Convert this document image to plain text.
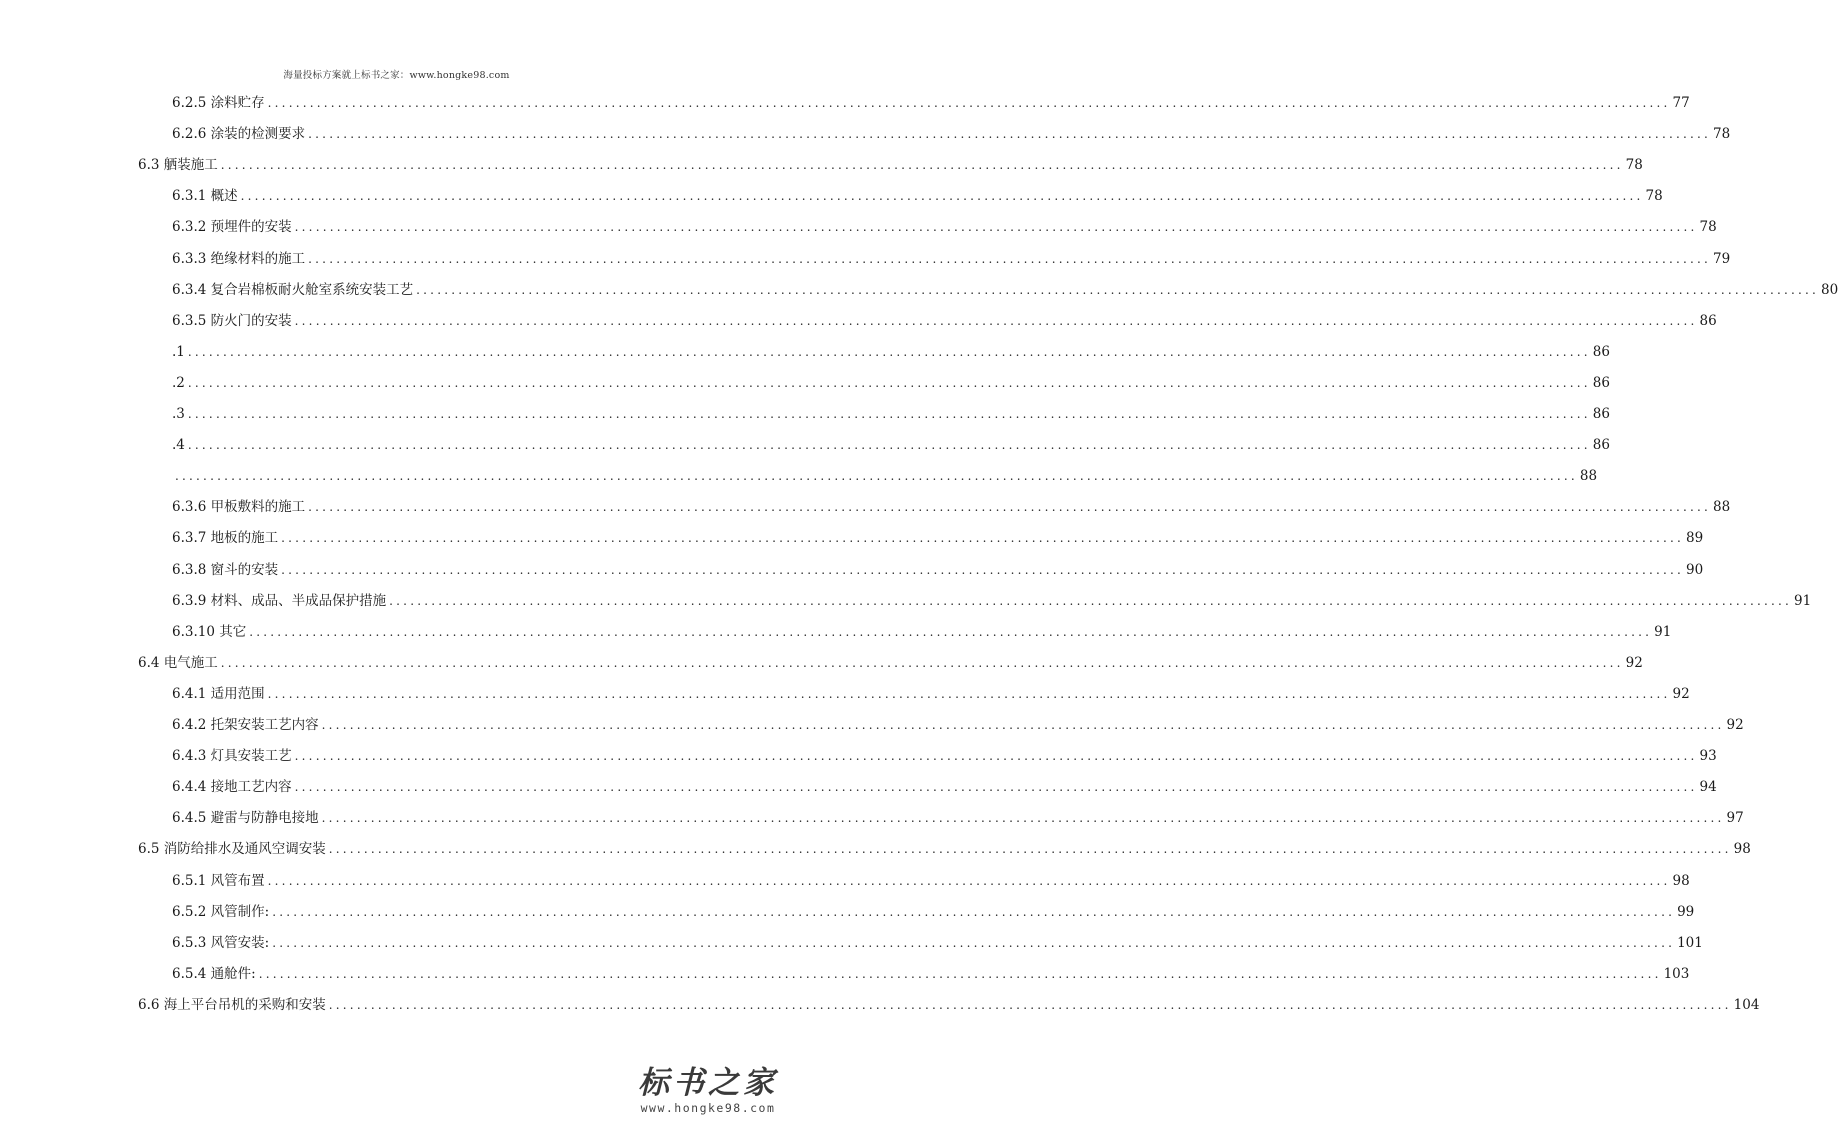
海量投标方案就上标书之家：www.hongke98.com
6.2.5 涂料贮存 ........................................................................................................................................................................................................ 77
6.2.6 涂装的检测要求 ........................................................................................................................................................................................................ 78
6.3 舾装施工 ........................................................................................................................................................................................................ 78
6.3.1 概述 ........................................................................................................................................................................................................ 78
6.3.2 预埋件的安装 ........................................................................................................................................................................................................ 78
6.3.3 绝缘材料的施工 ........................................................................................................................................................................................................ 79
6.3.4 复合岩棉板耐火舱室系统安装工艺 ........................................................................................................................................................................................................ 80
6.3.5 防火门的安装 ........................................................................................................................................................................................................ 86
.1 ........................................................................................................................................................................................................ 86
.2 ........................................................................................................................................................................................................ 86
.3 ........................................................................................................................................................................................................ 86
.4 ........................................................................................................................................................................................................ 86
........................................................................................................................................................................................................ 88
6.3.6 甲板敷料的施工 ........................................................................................................................................................................................................ 88
6.3.7 地板的施工 ........................................................................................................................................................................................................ 89
6.3.8 窗斗的安装 ........................................................................................................................................................................................................ 90
6.3.9 材料、成品、半成品保护措施 ........................................................................................................................................................................................................ 91
6.3.10 其它 ........................................................................................................................................................................................................ 91
6.4 电气施工 ........................................................................................................................................................................................................ 92
6.4.1 适用范围 ........................................................................................................................................................................................................ 92
6.4.2 托架安装工艺内容 ........................................................................................................................................................................................................ 92
6.4.3 灯具安装工艺 ........................................................................................................................................................................................................ 93
6.4.4 接地工艺内容 ........................................................................................................................................................................................................ 94
6.4.5 避雷与防静电接地 ........................................................................................................................................................................................................ 97
6.5 消防给排水及通风空调安装 ........................................................................................................................................................................................................ 98
6.5.1 风管布置 ........................................................................................................................................................................................................ 98
6.5.2 风管制作: ........................................................................................................................................................................................................ 99
6.5.3 风管安装: ........................................................................................................................................................................................................ 101
6.5.4 通舱件: ........................................................................................................................................................................................................ 103
6.6 海上平台吊机的采购和安装 ........................................................................................................................................................................................................ 104
标书之家
www.hongke98.com
